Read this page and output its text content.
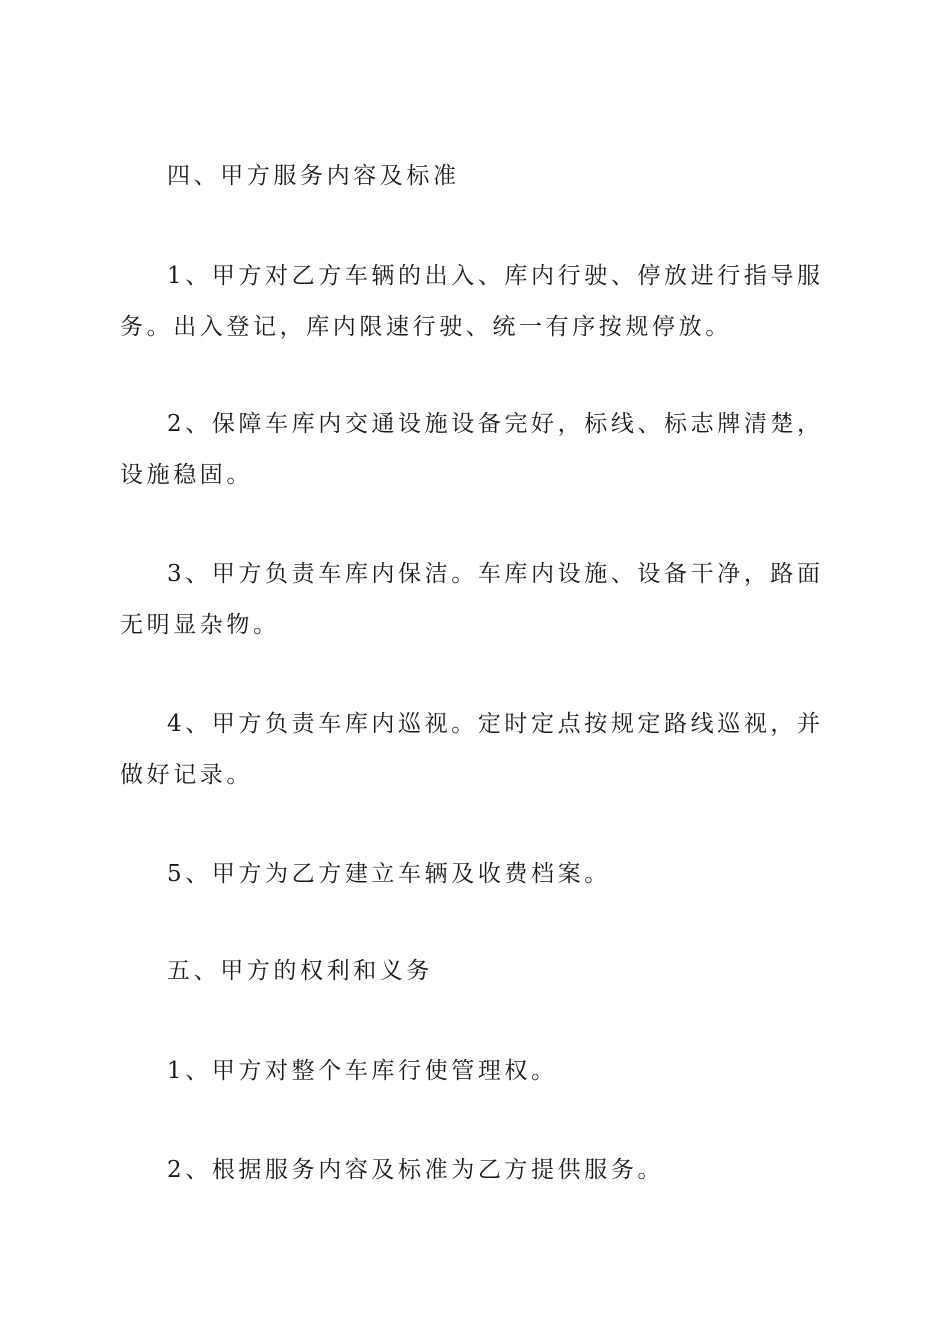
四、甲方服务内容及标准

1、甲方对乙方车辆的出入、库内行驶、停放进行指导服务。出入登记，库内限速行驶、统一有序按规停放。

2、保障车库内交通设施设备完好，标线、标志牌清楚，设施稳固。

3、甲方负责车库内保洁。车库内设施、设备干净，路面无明显杂物。

4、甲方负责车库内巡视。定时定点按规定路线巡视，并做好记录。

5、甲方为乙方建立车辆及收费档案。

五、甲方的权利和义务

1、甲方对整个车库行使管理权。

2、根据服务内容及标准为乙方提供服务。
